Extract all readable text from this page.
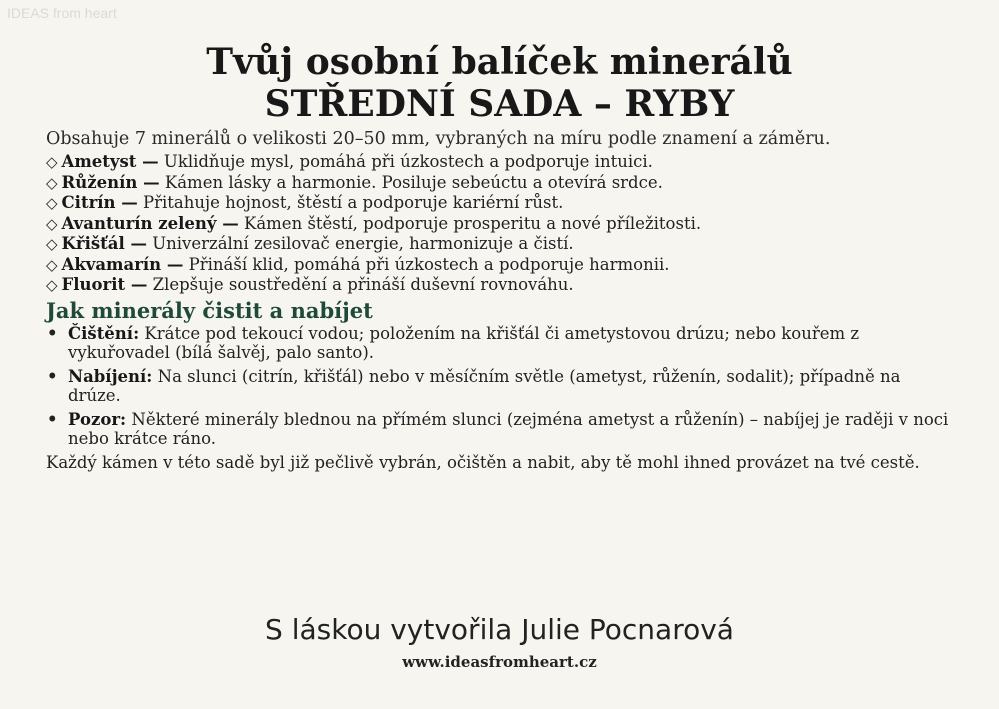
IDEAS from heart
Tvůj osobní balíček minerálů
STŘEDNÍ SADA – RYBY

Obsahuje 7 minerálů o velikosti 20–50 mm, vybraných na míru podle znamení a záměru.

◇ Ametyst — Uklidňuje mysl, pomáhá při úzkostech a podporuje intuici.
◇ Růženín — Kámen lásky a harmonie. Posiluje sebeúctu a otevírá srdce.
◇ Citrín — Přitahuje hojnost, štěstí a podporuje kariérní růst.
◇ Avanturín zelený — Kámen štěstí, podporuje prosperitu a nové příležitosti.
◇ Křišťál — Univerzální zesilovač energie, harmonizuje a čistí.
◇ Akvamarín — Přináší klid, pomáhá při úzkostech a podporuje harmonii.
◇ Fluorit — Zlepšuje soustředění a přináší duševní rovnováhu.
Jak minerály čistit a nabíjet
• Čištění: Krátce pod tekoucí vodou; položením na křišťál či ametystovou drúzu; nebo kouřem z vykuřovadel (bílá šalvěj, palo santo).
• Nabíjení: Na slunci (citrín, křišťál) nebo v měsíčním světle (ametyst, růženín, sodalit); případně na drúze.
• Pozor: Některé minerály blednou na přímém slunci (zejména ametyst a růženín) – nabíjej je raději v noci nebo krátce ráno.

Každý kámen v této sadě byl již pečlivě vybrán, očištěn a nabit, aby tě mohl ihned provázet na tvé cestě.

S láskou vytvořila Julie Pocnarová
www.ideasfromheart.cz
